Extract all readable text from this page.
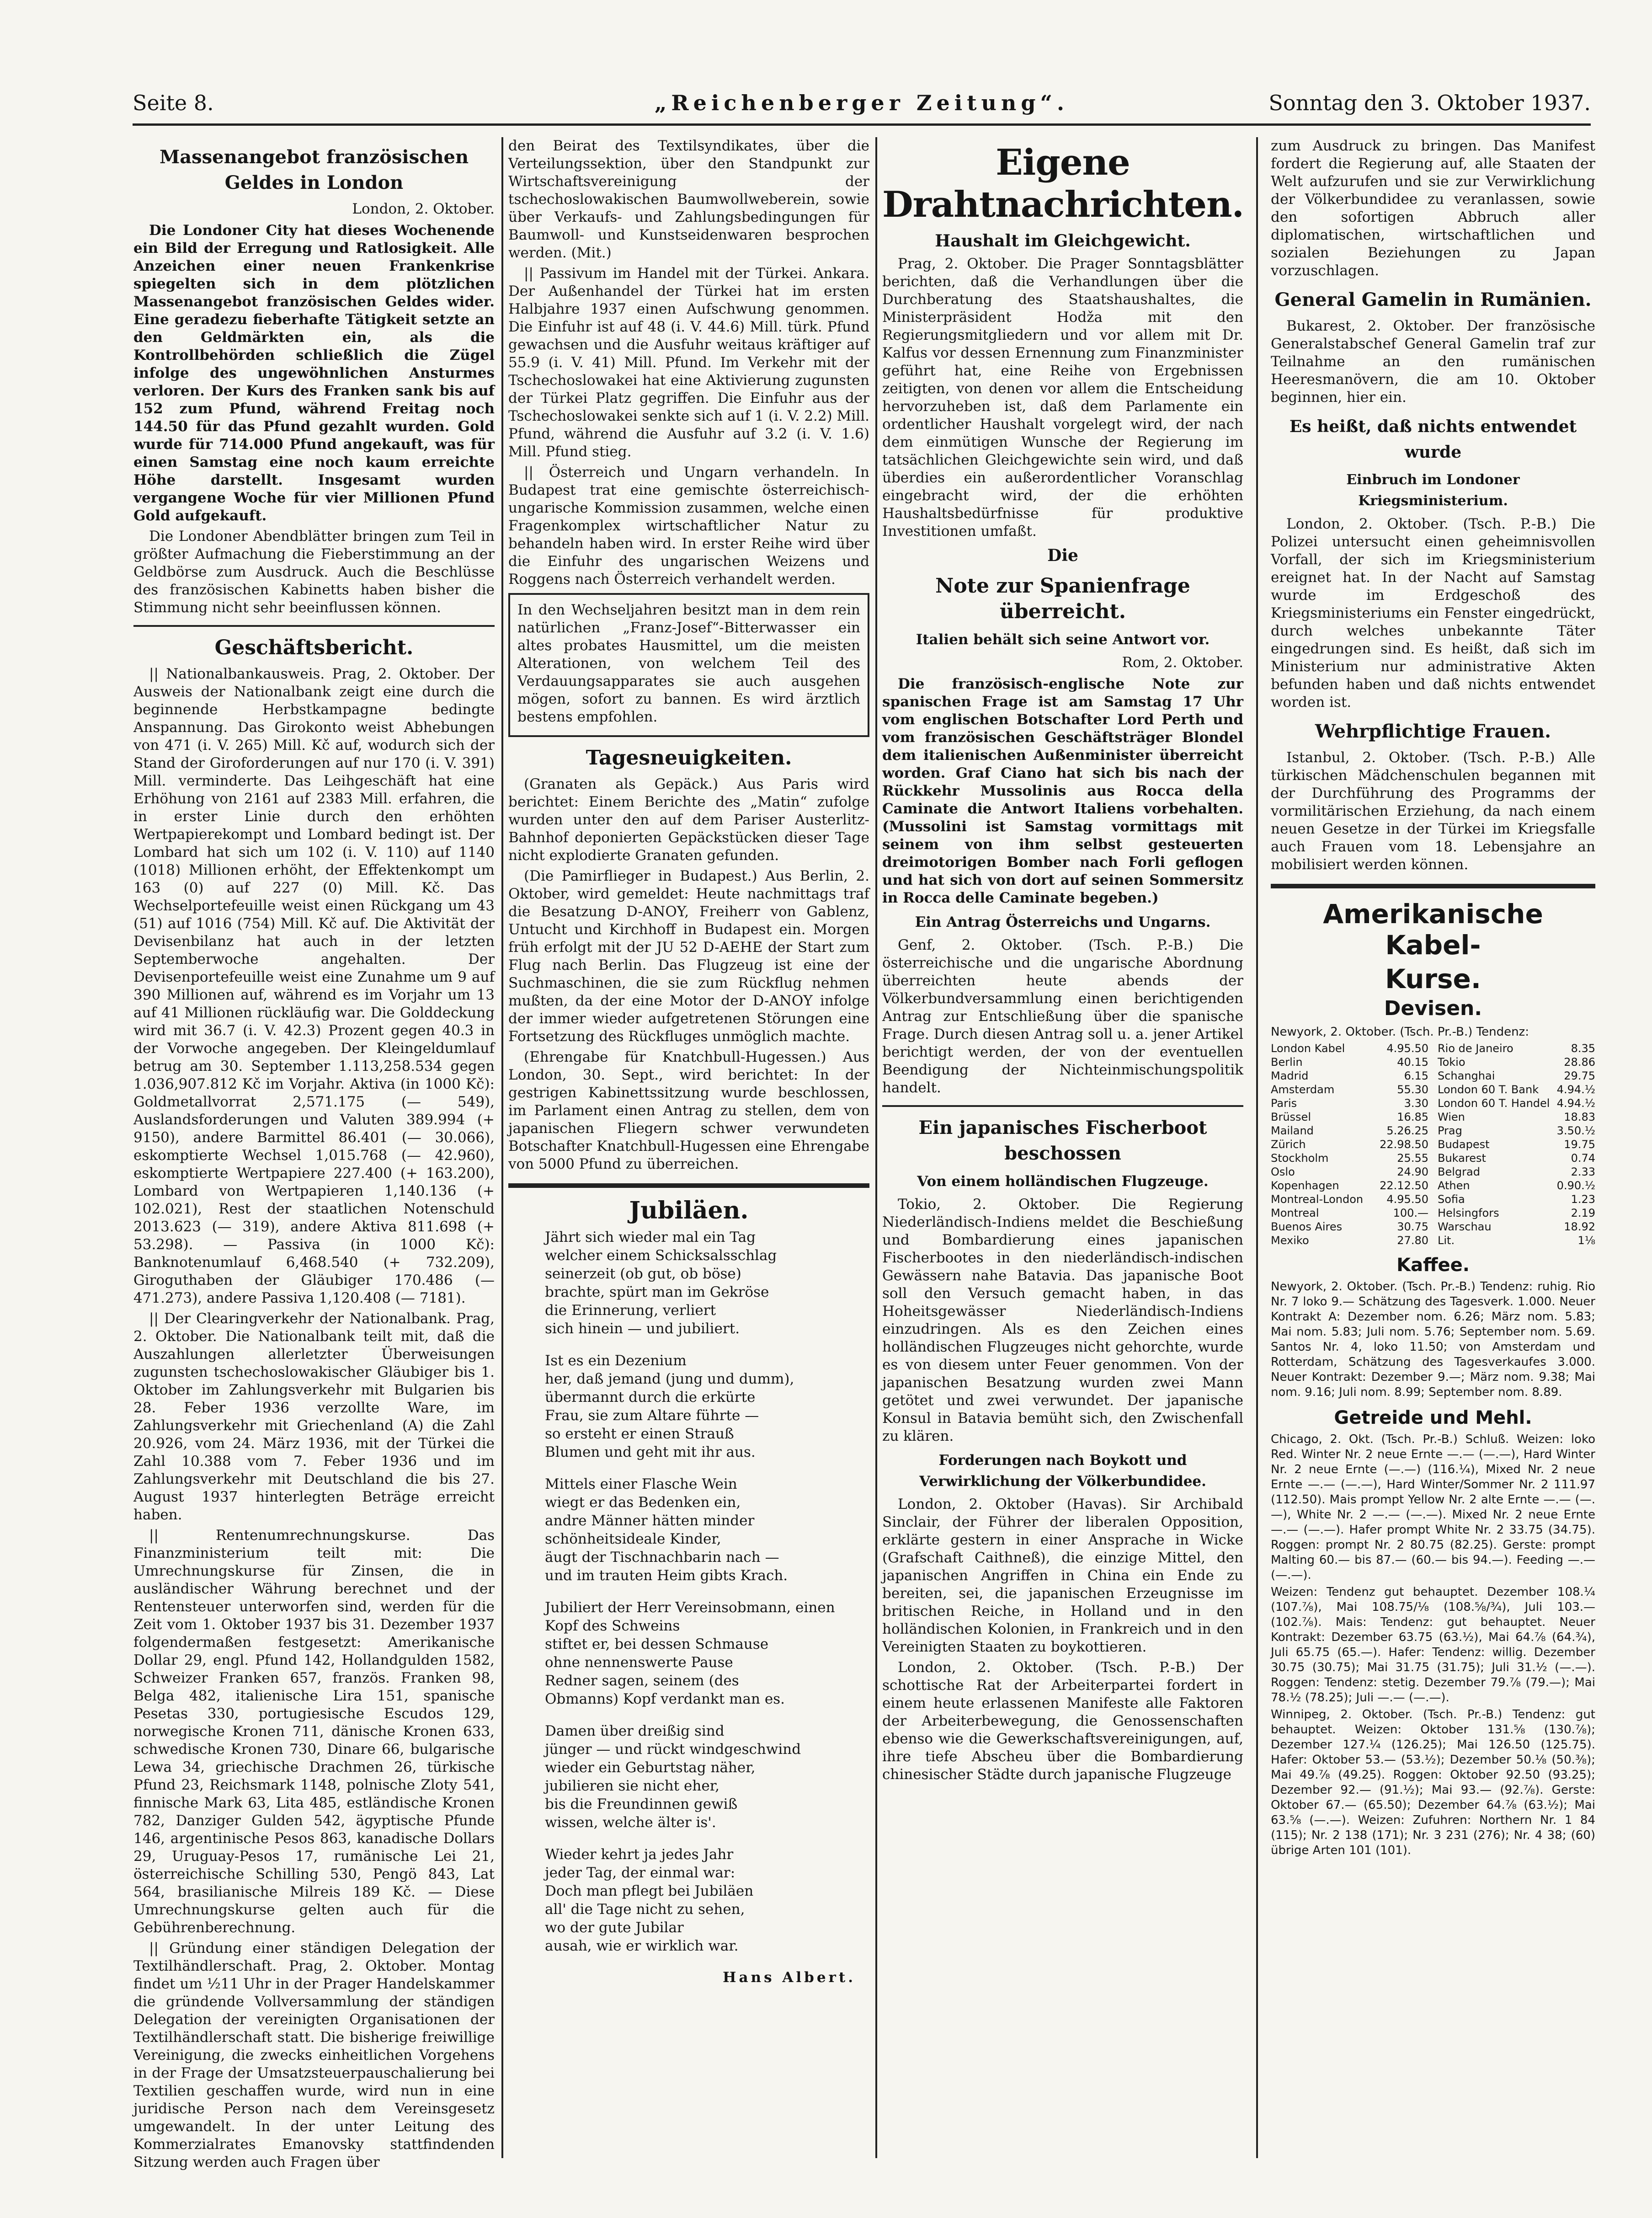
Seite 8.	„Reichenberger Zeitung“.	Sonntag den 3. Oktober 1937.
Massenangebot französischen Geldes in London
London, 2. Oktober.

Die Londoner City hat dieses Wochenende ein Bild der Erregung und Ratlosigkeit. Alle Anzeichen einer neuen Frankenkrise spiegelten sich in dem plötzlichen Massenangebot französischen Geldes wider. Eine geradezu fieberhafte Tätigkeit setzte an den Geldmärkten ein, als die Kontrollbehörden schließlich die Zügel infolge des ungewöhnlichen Ansturmes verloren. Der Kurs des Franken sank bis auf 152 zum Pfund, während Freitag noch 144.50 für das Pfund gezahlt wurden. Gold wurde für 714.000 Pfund angekauft, was für einen Samstag eine noch kaum erreichte Höhe darstellt. Insgesamt wurden vergangene Woche für vier Millionen Pfund Gold aufgekauft.

Die Londoner Abendblätter bringen zum Teil in größter Aufmachung die Fieberstimmung an der Geldbörse zum Ausdruck. Auch die Beschlüsse des französischen Kabinetts haben bisher die Stimmung nicht sehr beeinflussen können.

Geschäftsbericht.

|| Nationalbankausweis. Prag, 2. Oktober. Der Ausweis der Nationalbank zeigt eine durch die beginnende Herbstkampagne bedingte Anspannung. Das Girokonto weist Abhebungen von 471 (i. V. 265) Mill. Kč auf, wodurch sich der Stand der Giroforderungen auf nur 170 (i. V. 391) Mill. verminderte. Das Leihgeschäft hat eine Erhöhung von 2161 auf 2383 Mill. erfahren, die in erster Linie durch den erhöhten Wertpapierekompt und Lombard bedingt ist. Der Lombard hat sich um 102 (i. V. 110) auf 1140 (1018) Millionen erhöht, der Effektenkompt um 163 (0) auf 227 (0) Mill. Kč. Das Wechselportefeuille weist einen Rückgang um 43 (51) auf 1016 (754) Mill. Kč auf. Die Aktivität der Devisenbilanz hat auch in der letzten Septemberwoche angehalten. Der Devisenportefeuille weist eine Zunahme um 9 auf 390 Millionen auf, während es im Vorjahr um 13 auf 41 Millionen rückläufig war. Die Golddeckung wird mit 36.7 (i. V. 42.3) Prozent gegen 40.3 in der Vorwoche angegeben. Der Kleingeldumlauf betrug am 30. September 1.113,258.534 gegen 1.036,907.812 Kč im Vorjahr. Aktiva (in 1000 Kč): Goldmetallvorrat 2,571.175 (— 549), Auslandsforderungen und Valuten 389.994 (+ 9150), andere Barmittel 86.401 (— 30.066), eskomptierte Wechsel 1,015.768 (— 42.960), eskomptierte Wertpapiere 227.400 (+ 163.200), Lombard von Wertpapieren 1,140.136 (+ 102.021), Rest der staatlichen Notenschuld 2013.623 (— 319), andere Aktiva 811.698 (+ 53.298). — Passiva (in 1000 Kč): Banknotenumlauf 6,468.540 (+ 732.209), Giroguthaben der Gläubiger 170.486 (— 471.273), andere Passiva 1,120.408 (— 7181).

|| Der Clearingverkehr der Nationalbank. Prag, 2. Oktober. Die Nationalbank teilt mit, daß die Auszahlungen allerletzter Überweisungen zugunsten tschechoslowakischer Gläubiger bis 1. Oktober im Zahlungsverkehr mit Bulgarien bis 28. Feber 1936 verzollte Ware, im Zahlungsverkehr mit Griechenland (A) die Zahl 20.926, vom 24. März 1936, mit der Türkei die Zahl 10.388 vom 7. Feber 1936 und im Zahlungsverkehr mit Deutschland die bis 27. August 1937 hinterlegten Beträge erreicht haben.

|| Rentenumrechnungskurse. Das Finanzministerium teilt mit: Die Umrechnungskurse für Zinsen, die in ausländischer Währung berechnet und der Rentensteuer unterworfen sind, werden für die Zeit vom 1. Oktober 1937 bis 31. Dezember 1937 folgendermaßen festgesetzt: Amerikanische Dollar 29, engl. Pfund 142, Hollandgulden 1582, Schweizer Franken 657, französ. Franken 98, Belga 482, italienische Lira 151, spanische Pesetas 330, portugiesische Escudos 129, norwegische Kronen 711, dänische Kronen 633, schwedische Kronen 730, Dinare 66, bulgarische Lewa 34, griechische Drachmen 26, türkische Pfund 23, Reichsmark 1148, polnische Zloty 541, finnische Mark 63, Lita 485, estländische Kronen 782, Danziger Gulden 542, ägyptische Pfunde 146, argentinische Pesos 863, kanadische Dollars 29, Uruguay-Pesos 17, rumänische Lei 21, österreichische Schilling 530, Pengö 843, Lat 564, brasilianische Milreis 189 Kč. — Diese Umrechnungskurse gelten auch für die Gebührenberechnung.

|| Gründung einer ständigen Delegation der Textilhändlerschaft. Prag, 2. Oktober. Montag findet um ½11 Uhr in der Prager Handelskammer die gründende Vollversammlung der ständigen Delegation der vereinigten Organisationen der Textilhändlerschaft statt. Die bisherige freiwillige Vereinigung, die zwecks einheitlichen Vorgehens in der Frage der Umsatzsteuerpauschalierung bei Textilien geschaffen wurde, wird nun in eine juridische Person nach dem Vereinsgesetz umgewandelt. In der unter Leitung des Kommerzialrates Emanovsky stattfindenden Sitzung werden auch Fragen über

den Beirat des Textilsyndikates, über die Verteilungssektion, über den Standpunkt zur Wirtschaftsvereinigung der tschechoslowakischen Baumwollweberein, sowie über Verkaufs- und Zahlungsbedingungen für Baumwoll- und Kunstseidenwaren besprochen werden. (Mit.)

|| Passivum im Handel mit der Türkei. Ankara. Der Außenhandel der Türkei hat im ersten Halbjahre 1937 einen Aufschwung genommen. Die Einfuhr ist auf 48 (i. V. 44.6) Mill. türk. Pfund gewachsen und die Ausfuhr weitaus kräftiger auf 55.9 (i. V. 41) Mill. Pfund. Im Verkehr mit der Tschechoslowakei hat eine Aktivierung zugunsten der Türkei Platz gegriffen. Die Einfuhr aus der Tschechoslowakei senkte sich auf 1 (i. V. 2.2) Mill. Pfund, während die Ausfuhr auf 3.2 (i. V. 1.6) Mill. Pfund stieg.

|| Österreich und Ungarn verhandeln. In Budapest trat eine gemischte österreichisch-ungarische Kommission zusammen, welche einen Fragenkomplex wirtschaftlicher Natur zu behandeln haben wird. In erster Reihe wird über die Einfuhr des ungarischen Weizens und Roggens nach Österreich verhandelt werden.

In den Wechseljahren besitzt man in dem rein natürlichen „Franz-Josef“-Bitterwasser ein altes probates Hausmittel, um die meisten Alterationen, von welchem Teil des Verdauungsapparates sie auch ausgehen mögen, sofort zu bannen. Es wird ärztlich bestens empfohlen.

Tagesneuigkeiten.

(Granaten als Gepäck.) Aus Paris wird berichtet: Einem Berichte des „Matin“ zufolge wurden unter den auf dem Pariser Austerlitz-Bahnhof deponierten Gepäckstücken dieser Tage nicht explodierte Granaten gefunden.

(Die Pamirflieger in Budapest.) Aus Berlin, 2. Oktober, wird gemeldet: Heute nachmittags traf die Besatzung D-ANOY, Freiherr von Gablenz, Untucht und Kirchhoff in Budapest ein. Morgen früh erfolgt mit der JU 52 D-AEHE der Start zum Flug nach Berlin. Das Flugzeug ist eine der Suchmaschinen, die sie zum Rückflug nehmen mußten, da der eine Motor der D-ANOY infolge der immer wieder aufgetretenen Störungen eine Fortsetzung des Rückfluges unmöglich machte.

(Ehrengabe für Knatchbull-Hugessen.) Aus London, 30. Sept., wird berichtet: In der gestrigen Kabinettssitzung wurde beschlossen, im Parlament einen Antrag zu stellen, dem von japanischen Fliegern schwer verwundeten Botschafter Knatchbull-Hugessen eine Ehrengabe von 5000 Pfund zu überreichen.

Jubiläen.
Jährt sich wieder mal ein Tag
welcher einem Schicksalsschlag
seinerzeit (ob gut, ob böse)
brachte, spürt man im Gekröse
die Erinnerung, verliert
sich hinein — und jubiliert.
Ist es ein Dezenium
her, daß jemand (jung und dumm),
übermannt durch die erkürte
Frau, sie zum Altare führte —
so ersteht er einen Strauß
Blumen und geht mit ihr aus.
Mittels einer Flasche Wein
wiegt er das Bedenken ein,
andre Männer hätten minder
schönheitsideale Kinder,
äugt der Tischnachbarin nach —
und im trauten Heim gibts Krach.
Jubiliert der Herr Vereinsobmann, einen Kopf des Schweins
stiftet er, bei dessen Schmause
ohne nennenswerte Pause
Redner sagen, seinem (des
Obmanns) Kopf verdankt man es.
Damen über dreißig sind
jünger — und rückt windgeschwind
wieder ein Geburtstag näher,
jubilieren sie nicht eher,
bis die Freundinnen gewiß
wissen, welche älter is'.
Wieder kehrt ja jedes Jahr
jeder Tag, der einmal war:
Doch man pflegt bei Jubiläen
all' die Tage nicht zu sehen,
wo der gute Jubilar
ausah, wie er wirklich war.
Hans Albert.
Eigene Drahtnachrichten.
Haushalt im Gleichgewicht.

Prag, 2. Oktober. Die Prager Sonntagsblätter berichten, daß die Verhandlungen über die Durchberatung des Staatshaushaltes, die Ministerpräsident Hodža mit den Regierungsmitgliedern und vor allem mit Dr. Kalfus vor dessen Ernennung zum Finanzminister geführt hat, eine Reihe von Ergebnissen zeitigten, von denen vor allem die Entscheidung hervorzuheben ist, daß dem Parlamente ein ordentlicher Haushalt vorgelegt wird, der nach dem einmütigen Wunsche der Regierung im tatsächlichen Gleichgewichte sein wird, und daß überdies ein außerordentlicher Voranschlag eingebracht wird, der die erhöhten Haushaltsbedürfnisse für produktive Investitionen umfaßt.

Die
Note zur Spanienfrage überreicht.
Italien behält sich seine Antwort vor.
Rom, 2. Oktober.

Die französisch-englische Note zur spanischen Frage ist am Samstag 17 Uhr vom englischen Botschafter Lord Perth und vom französischen Geschäftsträger Blondel dem italienischen Außenminister überreicht worden. Graf Ciano hat sich bis nach der Rückkehr Mussolinis aus Rocca della Caminate die Antwort Italiens vorbehalten. (Mussolini ist Samstag vormittags mit seinem von ihm selbst gesteuerten dreimotorigen Bomber nach Forli geflogen und hat sich von dort auf seinen Sommersitz in Rocca delle Caminate begeben.)

Ein Antrag Österreichs und Ungarns.

Genf, 2. Oktober. (Tsch. P.-B.) Die österreichische und die ungarische Abordnung überreichten heute abends der Völkerbundversammlung einen berichtigenden Antrag zur Entschließung über die spanische Frage. Durch diesen Antrag soll u. a. jener Artikel berichtigt werden, der von der eventuellen Beendigung der Nichteinmischungspolitik handelt.

Ein japanisches Fischerboot beschossen
Von einem holländischen Flugzeuge.

Tokio, 2. Oktober. Die Regierung Niederländisch-Indiens meldet die Beschießung und Bombardierung eines japanischen Fischerbootes in den niederländisch-indischen Gewässern nahe Batavia. Das japanische Boot soll den Versuch gemacht haben, in das Hoheitsgewässer Niederländisch-Indiens einzudringen. Als es den Zeichen eines holländischen Flugzeuges nicht gehorchte, wurde es von diesem unter Feuer genommen. Von der japanischen Besatzung wurden zwei Mann getötet und zwei verwundet. Der japanische Konsul in Batavia bemüht sich, den Zwischenfall zu klären.

Forderungen nach Boykott und Verwirklichung der Völkerbundidee.

London, 2. Oktober (Havas). Sir Archibald Sinclair, der Führer der liberalen Opposition, erklärte gestern in einer Ansprache in Wicke (Grafschaft Caithneß), die einzige Mittel, den japanischen Angriffen in China ein Ende zu bereiten, sei, die japanischen Erzeugnisse im britischen Reiche, in Holland und in den holländischen Kolonien, in Frankreich und in den Vereinigten Staaten zu boykottieren.

London, 2. Oktober. (Tsch. P.-B.) Der schottische Rat der Arbeiterpartei fordert in einem heute erlassenen Manifeste alle Faktoren der Arbeiterbewegung, die Genossenschaften ebenso wie die Gewerkschaftsvereinigungen, auf, ihre tiefe Abscheu über die Bombardierung chinesischer Städte durch japanische Flugzeuge

zum Ausdruck zu bringen. Das Manifest fordert die Regierung auf, alle Staaten der Welt aufzurufen und sie zur Verwirklichung der Völkerbundidee zu veranlassen, sowie den sofortigen Abbruch aller diplomatischen, wirtschaftlichen und sozialen Beziehungen zu Japan vorzuschlagen.

General Gamelin in Rumänien.

Bukarest, 2. Oktober. Der französische Generalstabschef General Gamelin traf zur Teilnahme an den rumänischen Heeresmanövern, die am 10. Oktober beginnen, hier ein.

Es heißt, daß nichts entwendet wurde
Einbruch im Londoner Kriegsministerium.

London, 2. Oktober. (Tsch. P.-B.) Die Polizei untersucht einen geheimnisvollen Vorfall, der sich im Kriegsministerium ereignet hat. In der Nacht auf Samstag wurde im Erdgeschoß des Kriegsministeriums ein Fenster eingedrückt, durch welches unbekannte Täter eingedrungen sind. Es heißt, daß sich im Ministerium nur administrative Akten befunden haben und daß nichts entwendet worden ist.

Wehrpflichtige Frauen.

Istanbul, 2. Oktober. (Tsch. P.-B.) Alle türkischen Mädchenschulen begannen mit der Durchführung des Programms der vormilitärischen Erziehung, da nach einem neuen Gesetze in der Türkei im Kriegsfalle auch Frauen vom 18. Lebensjahre an mobilisiert werden können.

Amerikanische Kabel-
Kurse.
Devisen.

Newyork, 2. Oktober. (Tsch. Pr.-B.) Tendenz:

London Kabel	4.95.50 Rio de Janeiro	8.35
Berlin	40.15 Tokio	28.86
Madrid	6.15 Schanghai	29.75
Amsterdam	55.30 London 60 T. Bank 4.94.½
Paris	3.30 London 60 T. Handel 4.94.½
Brüssel	16.85 Wien	18.83
Mailand	5.26.25 Prag	3.50.½
Zürich	22.98.50 Budapest	19.75
Stockholm	25.55 Bukarest	0.74
Oslo	24.90 Belgrad	2.33
Kopenhagen	22.12.50 Athen	0.90.½
Montreal-London 4.95.50 Sofia	1.23
Montreal	100.— Helsingfors	2.19
Buenos Aires	30.75 Warschau	18.92
Mexiko	27.80 Lit.	1⅛
Kaffee.

Newyork, 2. Oktober. (Tsch. Pr.-B.) Tendenz: ruhig. Rio Nr. 7 loko 9.— Schätzung des Tagesverk. 1.000. Neuer Kontrakt A: Dezember nom. 6.26; März nom. 5.83; Mai nom. 5.83; Juli nom. 5.76; September nom. 5.69. Santos Nr. 4, loko 11.50; von Amsterdam und Rotterdam, Schätzung des Tagesverkaufes 3.000. Neuer Kontrakt: Dezember 9.—; März nom. 9.38; Mai nom. 9.16; Juli nom. 8.99; September nom. 8.89.

Getreide und Mehl.

Chicago, 2. Okt. (Tsch. Pr.-B.) Schluß. Weizen: loko Red. Winter Nr. 2 neue Ernte —.— (—.—), Hard Winter Nr. 2 neue Ernte (—.—) (116.¼), Mixed Nr. 2 neue Ernte —.— (—.—), Hard Winter/Sommer Nr. 2 111.97 (112.50). Mais prompt Yellow Nr. 2 alte Ernte —.— (—.—), White Nr. 2 —.— (—.—). Mixed Nr. 2 neue Ernte —.— (—.—). Hafer prompt White Nr. 2 33.75 (34.75). Roggen: prompt Nr. 2 80.75 (82.25). Gerste: prompt Malting 60.— bis 87.— (60.— bis 94.—). Feeding —.— (—.—).

Weizen: Tendenz gut behauptet. Dezember 108.¼ (107.⅞), Mai 108.75/⅛ (108.⅝/¾), Juli 103.— (102.⅞). Mais: Tendenz: gut behauptet. Neuer Kontrakt: Dezember 63.75 (63.½), Mai 64.⅞ (64.¾), Juli 65.75 (65.—). Hafer: Tendenz: willig. Dezember 30.75 (30.75); Mai 31.75 (31.75); Juli 31.½ (—.—). Roggen: Tendenz: stetig. Dezember 79.⅞ (79.—); Mai 78.½ (78.25); Juli —.— (—.—).

Winnipeg, 2. Oktober. (Tsch. Pr.-B.) Tendenz: gut behauptet. Weizen: Oktober 131.⅝ (130.⅞); Dezember 127.¼ (126.25); Mai 126.50 (125.75). Hafer: Oktober 53.— (53.½); Dezember 50.⅛ (50.⅜); Mai 49.⅞ (49.25). Roggen: Oktober 92.50 (93.25); Dezember 92.— (91.½); Mai 93.— (92.⅞). Gerste: Oktober 67.— (65.50); Dezember 64.⅞ (63.½); Mai 63.⅝ (—.—). Weizen: Zufuhren: Northern Nr. 1 84 (115); Nr. 2 138 (171); Nr. 3 231 (276); Nr. 4 38; (60) übrige Arten 101 (101).
